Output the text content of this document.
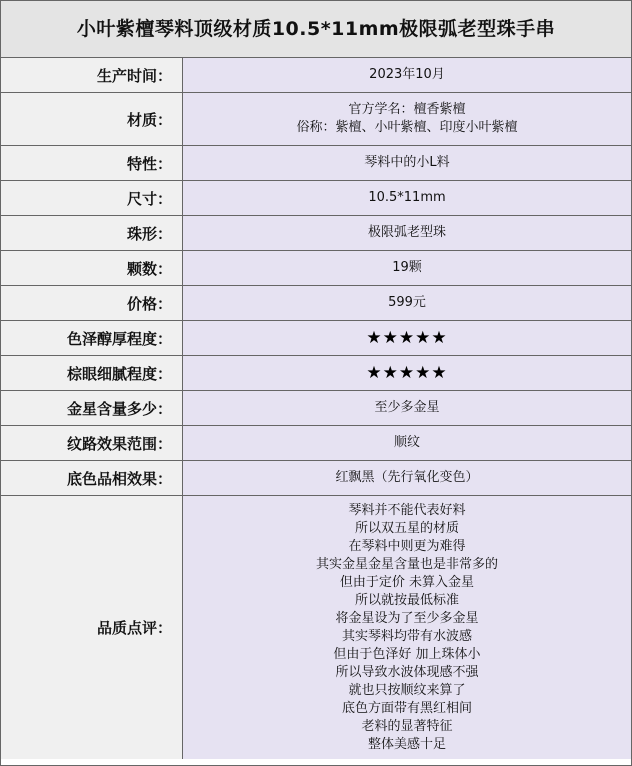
小叶紫檀琴料顶级材质10.5*11mm极限弧老型珠手串
生产时间：	2023年10月
材质：
官方学名：檀香紫檀
俗称：紫檀、小叶紫檀、印度小叶紫檀
特性：	琴料中的小L料
尺寸：	10.5*11mm
珠形：	极限弧老型珠
颗数：	19颗
价格：	599元
色泽醇厚程度：	★★★★★
棕眼细腻程度：	★★★★★
金星含量多少：	至少多金星
纹路效果范围：	顺纹
底色品相效果：	红飘黑（先行氧化变色）
品质点评：
琴料并不能代表好料
所以双五星的材质
在琴料中则更为难得
其实金星金星含量也是非常多的
但由于定价 未算入金星
所以就按最低标准
将金星设为了至少多金星
其实琴料均带有水波感
但由于色泽好 加上珠体小
所以导致水波体现感不强
就也只按顺纹来算了
底色方面带有黑红相间
老料的显著特征
整体美感十足
